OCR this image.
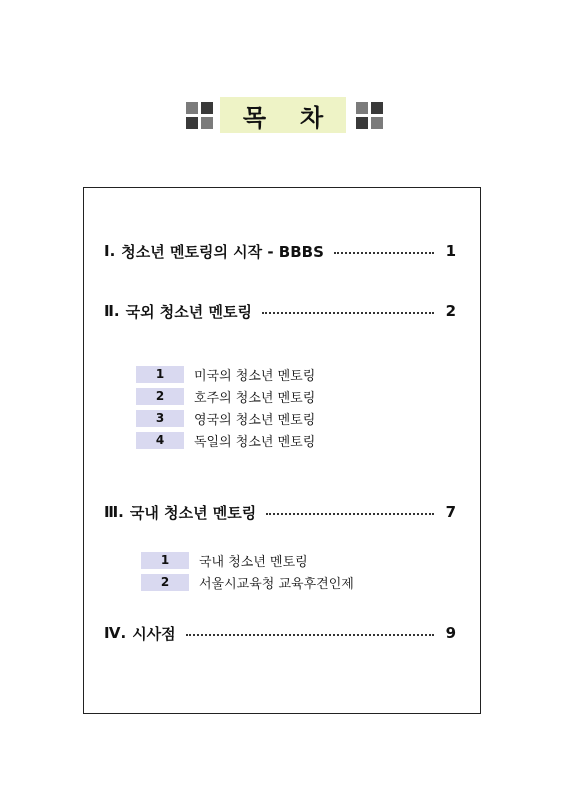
목 차
Ⅰ. 청소년 멘토링의 시작 - BBBS	1
Ⅱ. 국외 청소년 멘토링	2
1	미국의 청소년 멘토링
2	호주의 청소년 멘토링
3	영국의 청소년 멘토링
4	독일의 청소년 멘토링
Ⅲ. 국내 청소년 멘토링	7
1	국내 청소년 멘토링
2	서울시교육청 교육후견인제
Ⅳ. 시사점	9
